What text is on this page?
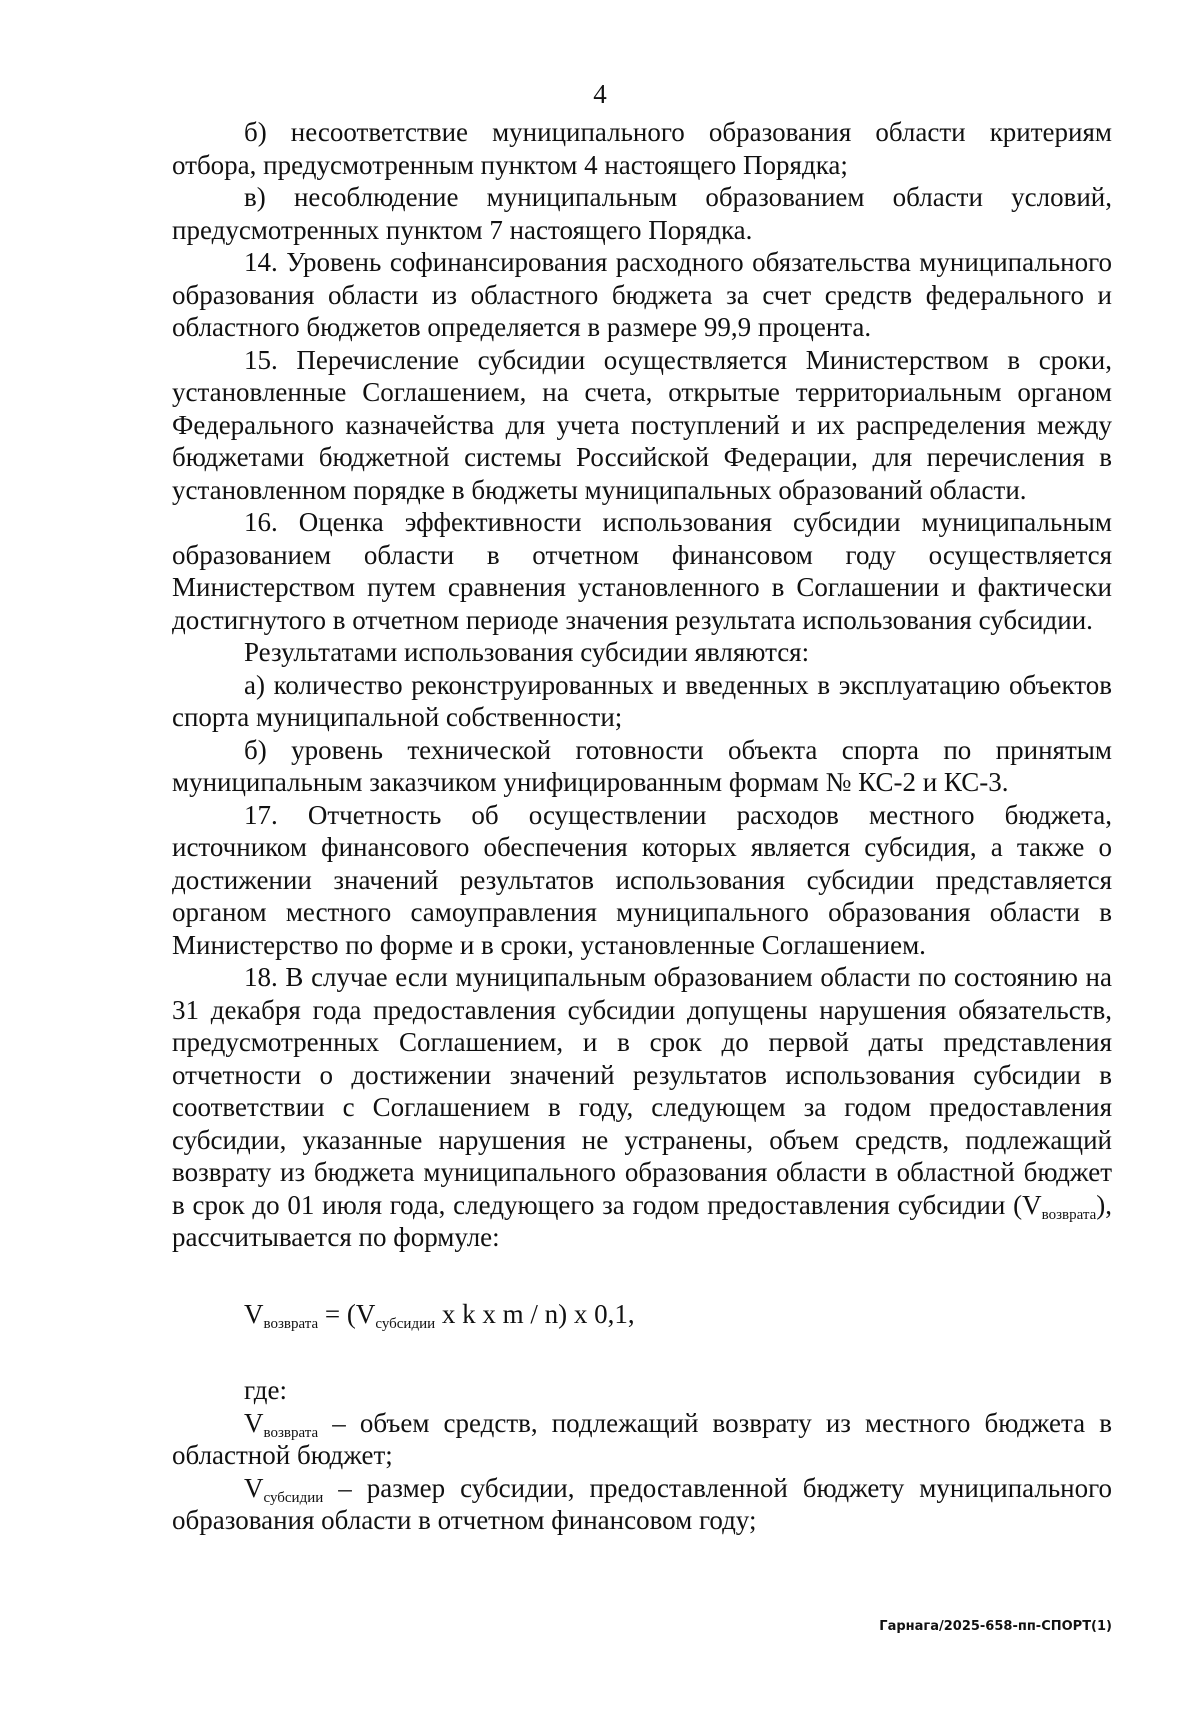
4

б) несоответствие муниципального образования области критериям отбора, предусмотренным пунктом 4 настоящего Порядка;

в) несоблюдение муниципальным образованием области условий, предусмотренных пунктом 7 настоящего Порядка.

14. Уровень софинансирования расходного обязательства муниципального образования области из областного бюджета за счет средств федерального и областного бюджетов определяется в размере 99,9 процента.

15. Перечисление субсидии осуществляется Министерством в сроки, установленные Соглашением, на счета, открытые территориальным органом Федерального казначейства для учета поступлений и их распределения между бюджетами бюджетной системы Российской Федерации, для перечисления в установленном порядке в бюджеты муниципальных образований области.

16. Оценка эффективности использования субсидии муниципальным образованием области в отчетном финансовом году осуществляется Министерством путем сравнения установленного в Соглашении и фактически достигнутого в отчетном периоде значения результата использования субсидии.

Результатами использования субсидии являются:

а) количество реконструированных и введенных в эксплуатацию объектов спорта муниципальной собственности;

б) уровень технической готовности объекта спорта по принятым муниципальным заказчиком унифицированным формам № КС-2 и КС-3.

17. Отчетность об осуществлении расходов местного бюджета, источником финансового обеспечения которых является субсидия, а также о достижении значений результатов использования субсидии представляется органом местного самоуправления муниципального образования области в Министерство по форме и в сроки, установленные Соглашением.

18. В случае если муниципальным образованием области по состоянию на 31 декабря года предоставления субсидии допущены нарушения обязательств, предусмотренных Соглашением, и в срок до первой даты представления отчетности о достижении значений результатов использования субсидии в соответствии с Соглашением в году, следующем за годом предоставления субсидии, указанные нарушения не устранены, объем средств, подлежащий возврату из бюджета муниципального образования области в областной бюджет в срок до 01 июля года, следующего за годом предоставления субсидии $(V_{возврата})$, рассчитывается по формуле:

$V_{возврата} = (V_{субсидии}$ x k x m / n) x 0,1,

где:

$V_{возврата}$ – объем средств, подлежащий возврату из местного бюджета в областной бюджет;

$V_{субсидии}$ – размер субсидии, предоставленной бюджету муниципального образования области в отчетном финансовом году;

Гарнага/2025-658-пп-СПОРТ(1)
